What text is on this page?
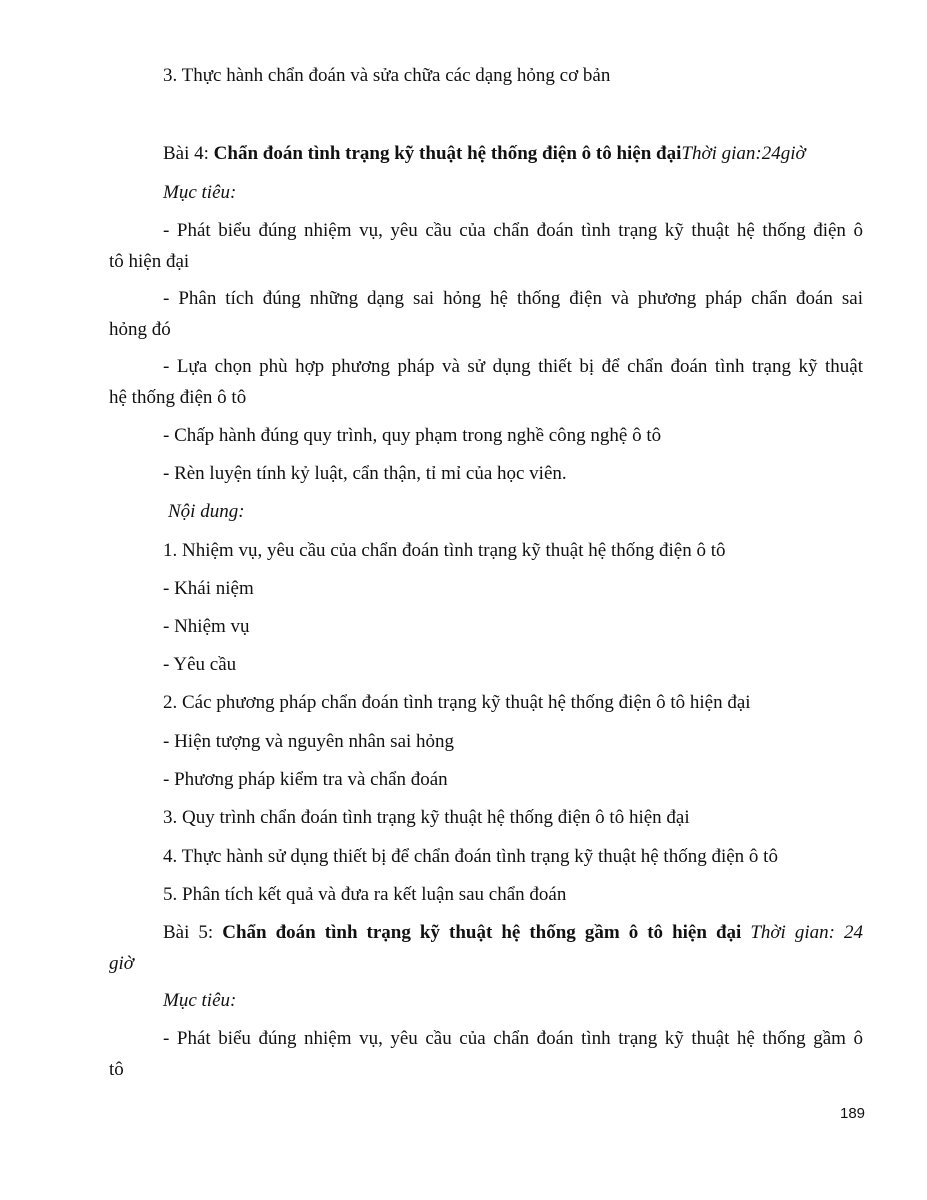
3. Thực hành chẩn đoán và sửa chữa các dạng hỏng cơ bản
Bài 4: Chẩn đoán tình trạng kỹ thuật hệ thống điện ô tô hiện đạiThời gian:24giờ
Mục tiêu:
- Phát biểu đúng nhiệm vụ, yêu cầu của chẩn đoán tình trạng kỹ thuật hệ thống điện ô
tô hiện đại
- Phân tích đúng những dạng sai hỏng hệ thống điện và phương pháp chẩn đoán sai
hỏng đó
- Lựa chọn phù hợp phương pháp và sử dụng thiết bị để chẩn đoán tình trạng kỹ thuật
hệ thống điện ô tô
- Chấp hành đúng quy trình, quy phạm trong nghề công nghệ ô tô
- Rèn luyện tính kỷ luật, cẩn thận, tỉ mỉ của học viên.
Nội dung:
1. Nhiệm vụ, yêu cầu của chẩn đoán tình trạng kỹ thuật hệ thống điện ô tô
- Khái niệm
- Nhiệm vụ
- Yêu cầu
2. Các phương pháp chẩn đoán tình trạng kỹ thuật hệ thống điện ô tô hiện đại
- Hiện tượng và nguyên nhân sai hỏng
- Phương pháp kiểm tra và chẩn đoán
3. Quy trình chẩn đoán tình trạng kỹ thuật hệ thống điện ô tô hiện đại
4. Thực hành sử dụng thiết bị để chẩn đoán tình trạng kỹ thuật hệ thống điện ô tô
5. Phân tích kết quả và đưa ra kết luận sau chẩn đoán
Bài 5: Chẩn đoán tình trạng kỹ thuật hệ thống gầm ô tô hiện đại Thời gian: 24
giờ
Mục tiêu:
- Phát biểu đúng nhiệm vụ, yêu cầu của chẩn đoán tình trạng kỹ thuật hệ thống gầm ô
tô
189
